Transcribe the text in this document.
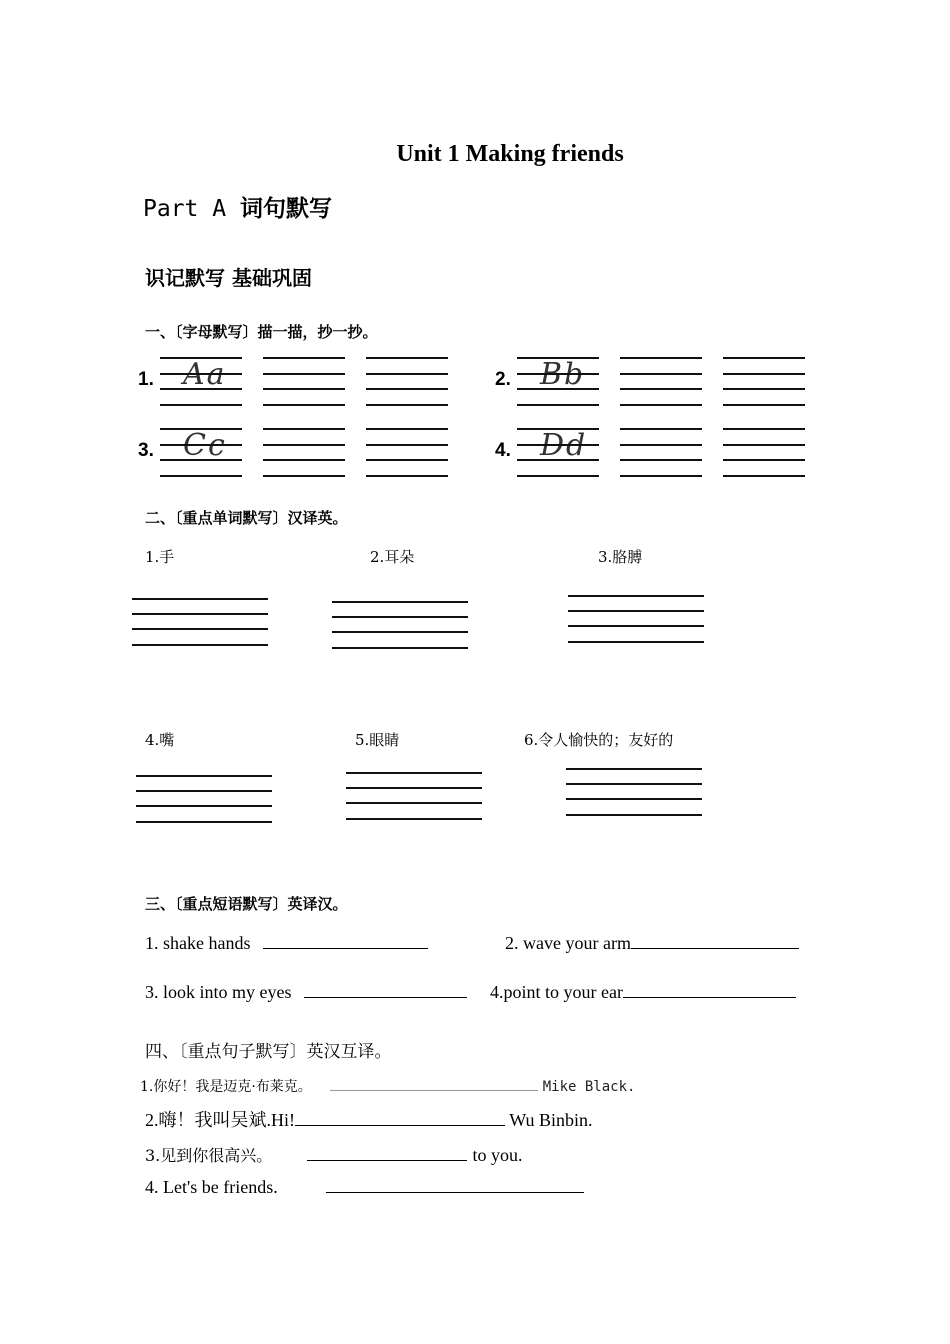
Unit 1 Making friends
Part A 词句默写
识记默写 基础巩固
一、〔字母默写〕描一描，抄一抄。
1. Aa	2. Bb
3. Cc	4. Dd
二、〔重点单词默写〕汉译英。
1.手	2.耳朵	3.胳膊
4.嘴	5.眼睛	6.令人愉快的；友好的
三、〔重点短语默写〕英译汉。
1. shake hands	2. wave your arm
3. look into my eyes	4.point to your ear
四、〔重点句子默写〕英汉互译。
1.你好！我是迈克·布莱克。	Mike Black.
2.嗨！我叫吴斌.Hi!	Wu Binbin.
3.见到你很高兴。	to you.
4. Let's be friends.
